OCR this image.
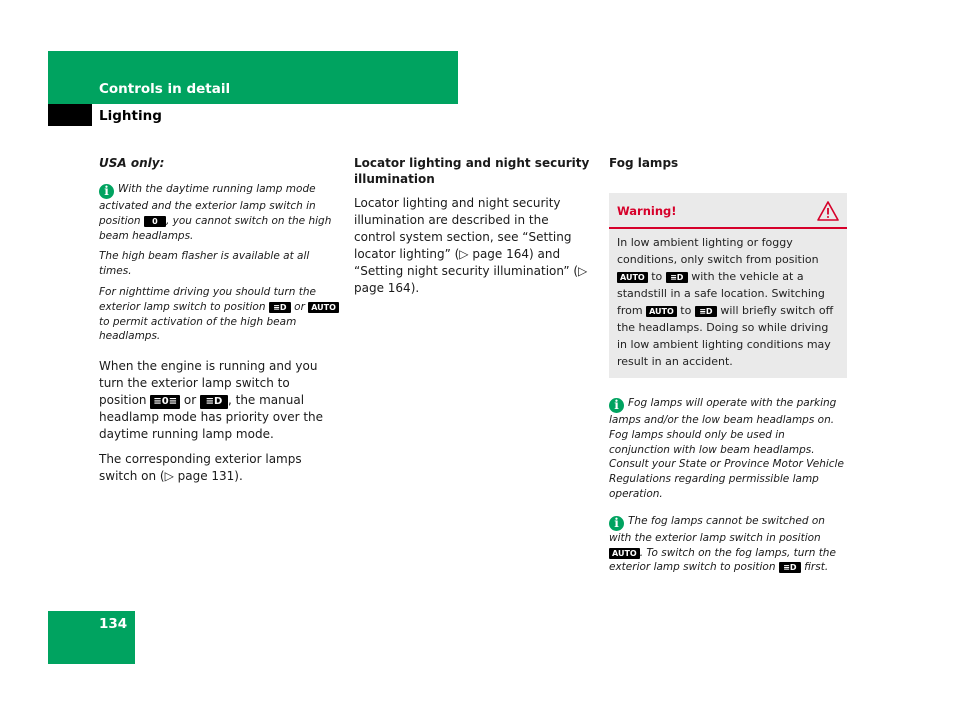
Controls in detail
Lighting

USA only:

i With the daytime running lamp mode activated and the exterior lamp switch in position 0 , you cannot switch on the high beam headlamps.

The high beam flasher is available at all times.

For nighttime driving you should turn the exterior lamp switch to position ≡D or AUTO to permit activation of the high beam headlamps.

When the engine is running and you turn the exterior lamp switch to position ≡0≡ or ≡D , the manual headlamp mode has priority over the daytime running lamp mode.

The corresponding exterior lamps switch on (▷ page 131).

Locator lighting and night security illumination

Locator lighting and night security illumination are described in the control system section, see “Setting locator lighting” (▷ page 164) and “Setting night security illumination” (▷ page 164).

Fog lamps

Warning!
In low ambient lighting or foggy conditions, only switch from position AUTO to ≡D with the vehicle at a standstill in a safe location. Switching from AUTO to ≡D will briefly switch off the headlamps. Doing so while driving in low ambient lighting conditions may result in an accident.

i Fog lamps will operate with the parking lamps and/or the low beam headlamps on. Fog lamps should only be used in conjunction with low beam headlamps. Consult your State or Province Motor Vehicle Regulations regarding permissible lamp operation.

i The fog lamps cannot be switched on with the exterior lamp switch in position AUTO . To switch on the fog lamps, turn the exterior lamp switch to position ≡D first.

134
